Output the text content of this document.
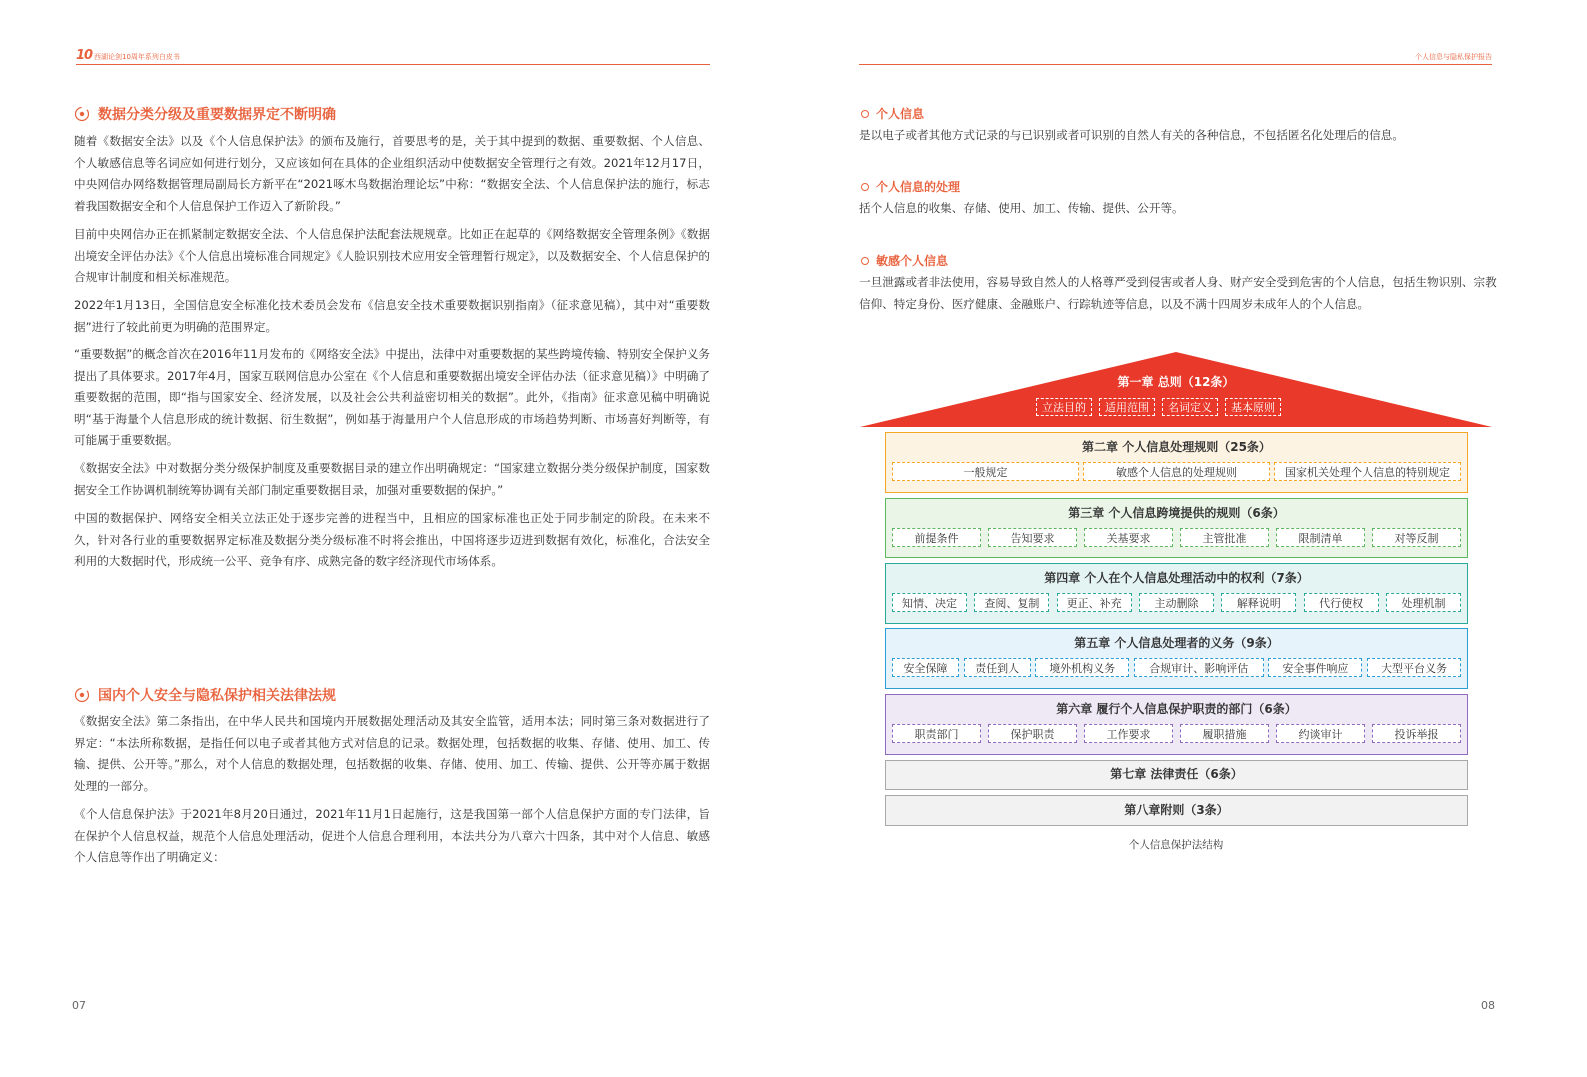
10 西湖论剑10周年系列白皮书
数据分类分级及重要数据界定不断明确

随着《数据安全法》以及《个人信息保护法》的颁布及施行，首要思考的是，关于其中提到的数据、重要数据、个人信息、个人敏感信息等名词应如何进行划分，又应该如何在具体的企业组织活动中使数据安全管理行之有效。2021年12月17日，中央网信办网络数据管理局副局长方新平在“2021啄木鸟数据治理论坛”中称：“数据安全法、个人信息保护法的施行，标志着我国数据安全和个人信息保护工作迈入了新阶段。”

目前中央网信办正在抓紧制定数据安全法、个人信息保护法配套法规规章。比如正在起草的《网络数据安全管理条例》《数据出境安全评估办法》《个人信息出境标准合同规定》《人脸识别技术应用安全管理暂行规定》，以及数据安全、个人信息保护的合规审计制度和相关标准规范。

2022年1月13日，全国信息安全标准化技术委员会发布《信息安全技术重要数据识别指南》（征求意见稿），其中对“重要数据”进行了较此前更为明确的范围界定。

“重要数据”的概念首次在2016年11月发布的《网络安全法》中提出，法律中对重要数据的某些跨境传输、特别安全保护义务提出了具体要求。2017年4月，国家互联网信息办公室在《个人信息和重要数据出境安全评估办法（征求意见稿）》中明确了重要数据的范围，即“指与国家安全、经济发展，以及社会公共利益密切相关的数据”。此外，《指南》征求意见稿中明确说明“基于海量个人信息形成的统计数据、衍生数据”，例如基于海量用户个人信息形成的市场趋势判断、市场喜好判断等，有可能属于重要数据。

《数据安全法》中对数据分类分级保护制度及重要数据目录的建立作出明确规定：“国家建立数据分类分级保护制度，国家数据安全工作协调机制统筹协调有关部门制定重要数据目录，加强对重要数据的保护。”

中国的数据保护、网络安全相关立法正处于逐步完善的进程当中，且相应的国家标准也正处于同步制定的阶段。在未来不久，针对各行业的重要数据界定标准及数据分类分级标准不时将会推出，中国将逐步迈进到数据有效化，标准化，合法安全利用的大数据时代，形成统一公平、竞争有序、成熟完备的数字经济现代市场体系。

国内个人安全与隐私保护相关法律法规

《数据安全法》第二条指出，在中华人民共和国境内开展数据处理活动及其安全监管，适用本法；同时第三条对数据进行了界定：“本法所称数据，是指任何以电子或者其他方式对信息的记录。数据处理，包括数据的收集、存储、使用、加工、传输、提供、公开等。”那么，对个人信息的数据处理，包括数据的收集、存储、使用、加工、传输、提供、公开等亦属于数据处理的一部分。

《个人信息保护法》于2021年8月20日通过，2021年11月1日起施行，这是我国第一部个人信息保护方面的专门法律，旨在保护个人信息权益，规范个人信息处理活动，促进个人信息合理利用，本法共分为八章六十四条，其中对个人信息、敏感个人信息等作出了明确定义：

07
个人信息与隐私保护报告
个人信息

是以电子或者其他方式记录的与已识别或者可识别的自然人有关的各种信息，不包括匿名化处理后的信息。

个人信息的处理

括个人信息的收集、存储、使用、加工、传输、提供、公开等。

敏感个人信息

一旦泄露或者非法使用，容易导致自然人的人格尊严受到侵害或者人身、财产安全受到危害的个人信息，包括生物识别、宗教信仰、特定身份、医疗健康、金融账户、行踪轨迹等信息，以及不满十四周岁未成年人的个人信息。

第一章 总则（12条）
立法目的	适用范围	名词定义	基本原则
第二章 个人信息处理规则（25条）
一般规定	敏感个人信息的处理规则	国家机关处理个人信息的特别规定
第三章 个人信息跨境提供的规则（6条）
前提条件	告知要求	关基要求	主管批准	限制清单	对等反制
第四章 个人在个人信息处理活动中的权利（7条）
知情、决定	查阅、复制	更正、补充	主动删除	解释说明	代行使权	处理机制
第五章 个人信息处理者的义务（9条）
安全保障	责任到人	境外机构义务	合规审计、影响评估	安全事件响应	大型平台义务
第六章 履行个人信息保护职责的部门（6条）
职责部门	保护职责	工作要求	履职措施	约谈审计	投诉举报
第七章 法律责任（6条）
第八章附则（3条）
个人信息保护法结构
08
